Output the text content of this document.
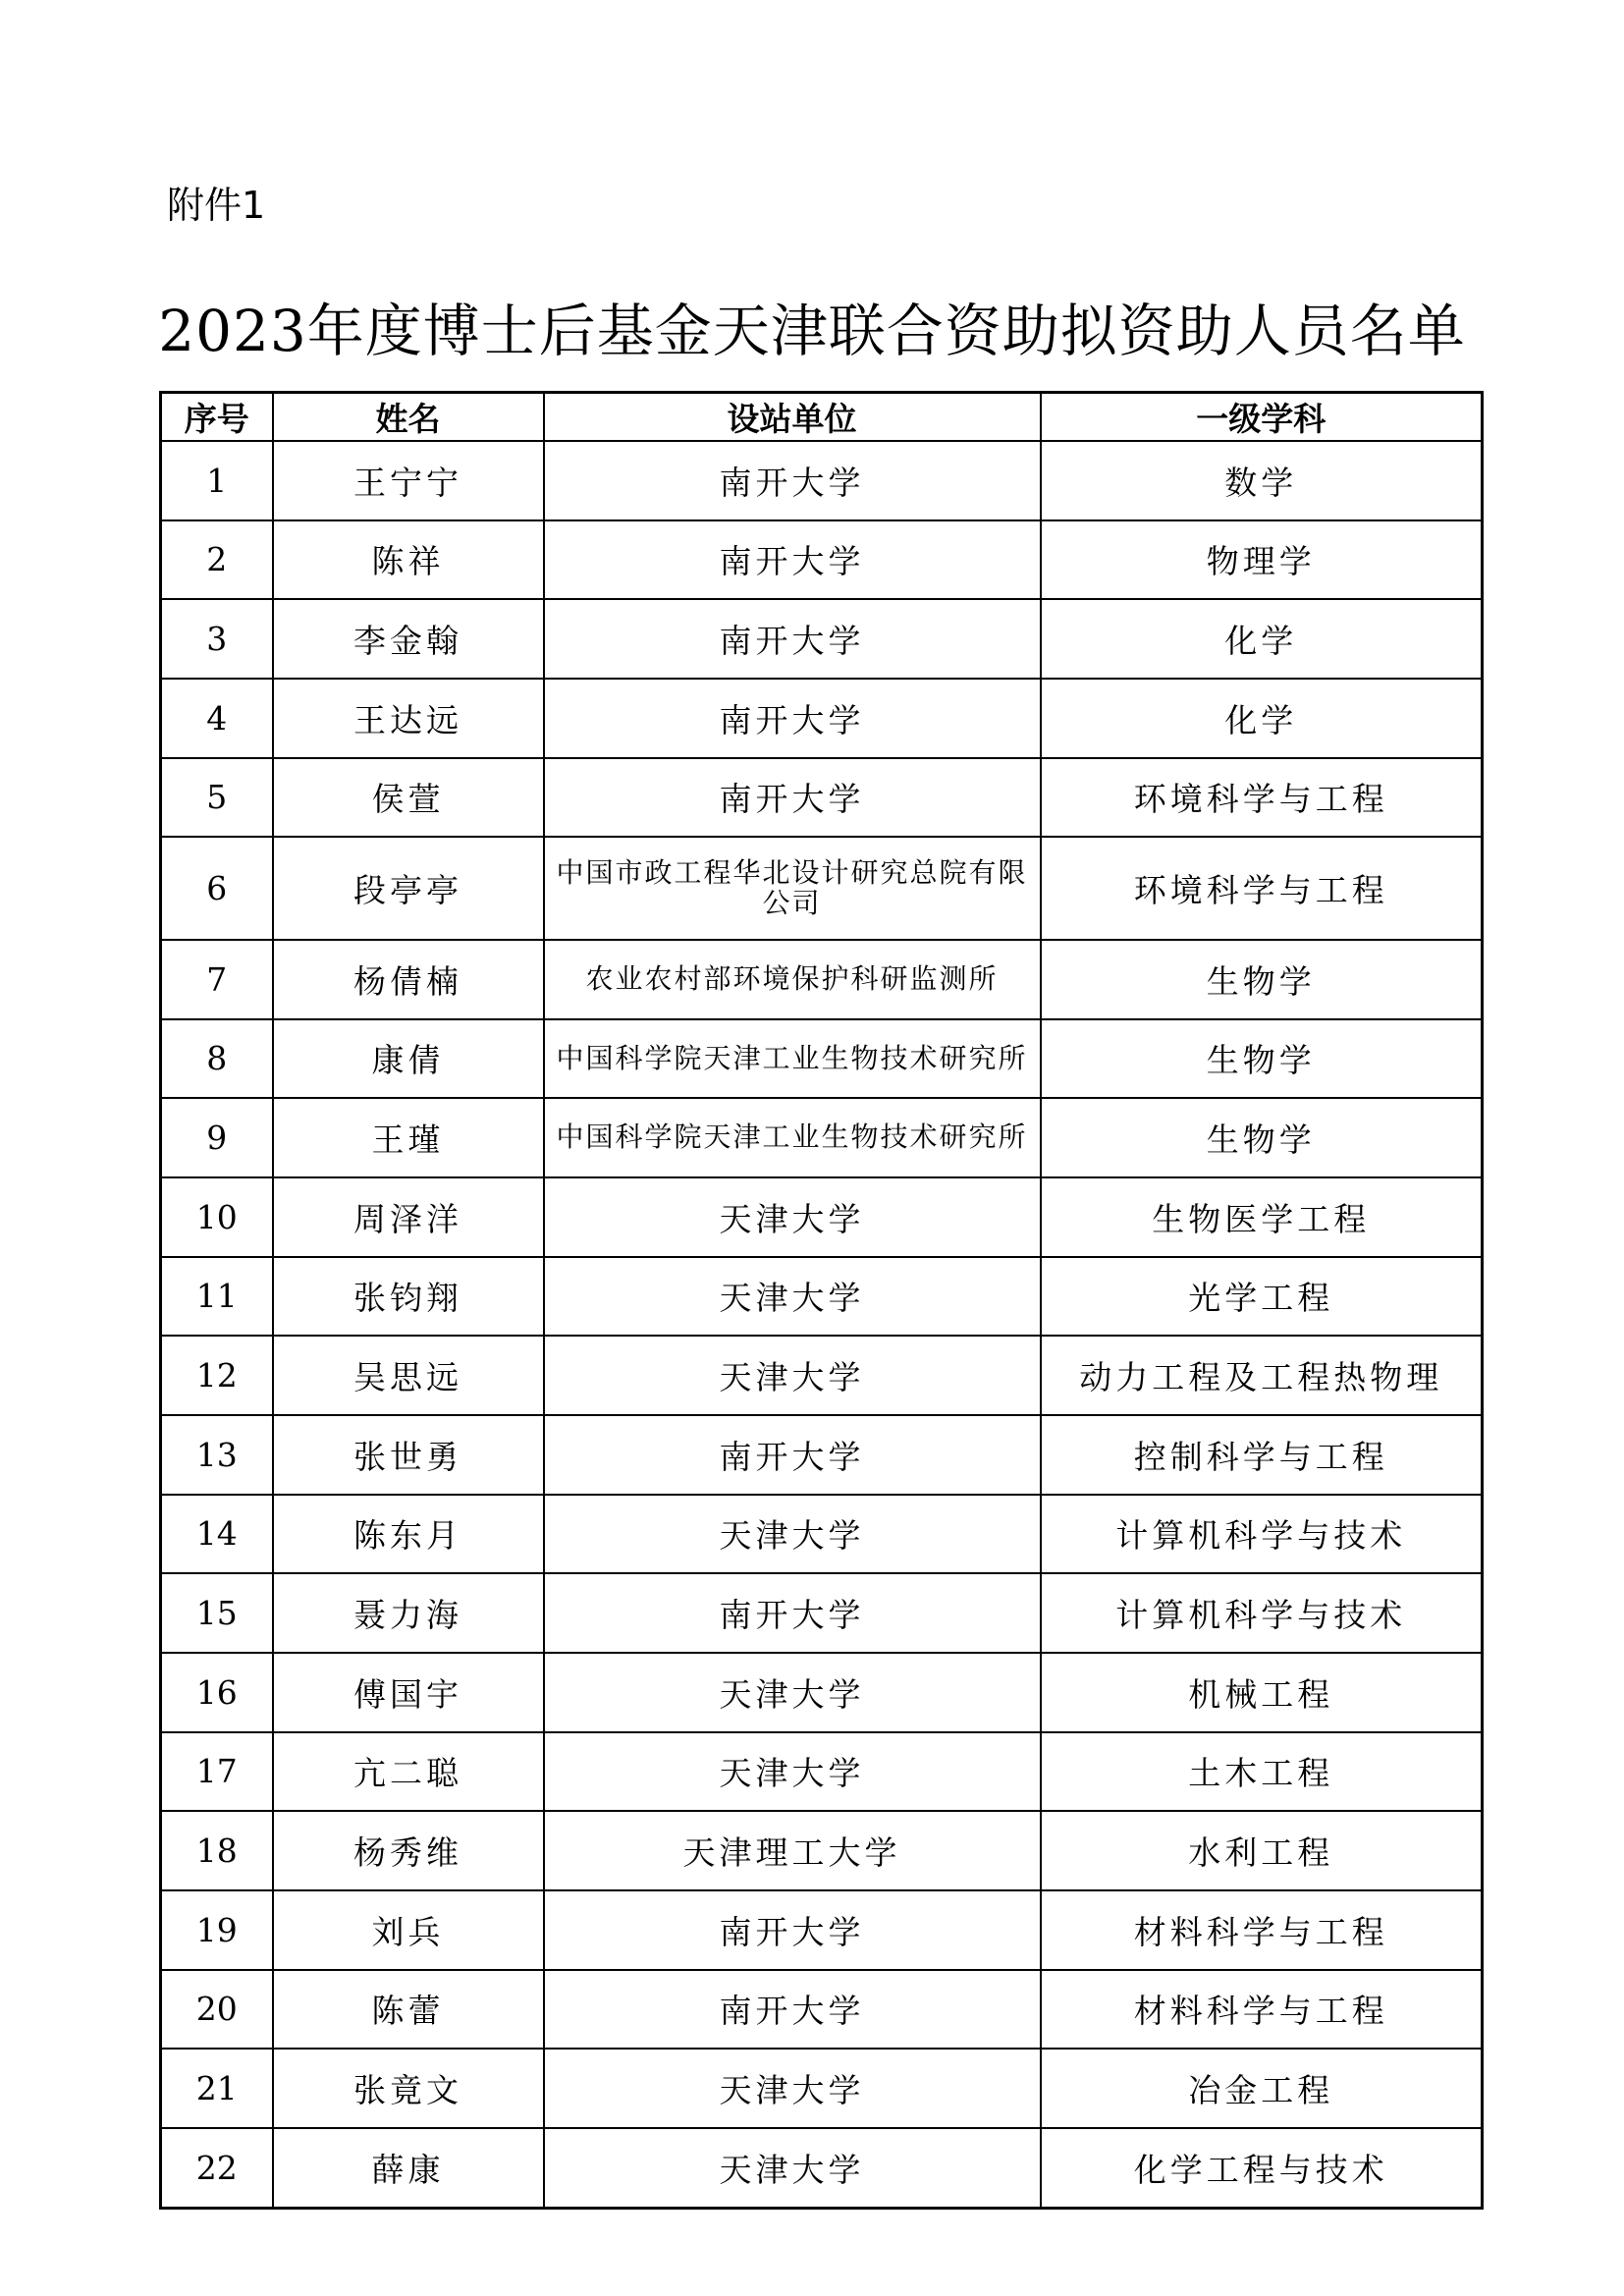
附件1
2023年度博士后基金天津联合资助拟资助人员名单
序号	姓名	设站单位	一级学科
1	王宁宁	南开大学	数学
2	陈祥	南开大学	物理学
3	李金翰	南开大学	化学
4	王达远	南开大学	化学
5	侯萱	南开大学	环境科学与工程
6	段亭亭	中国市政工程华北设计研究总院有限公司	环境科学与工程
7	杨倩楠	农业农村部环境保护科研监测所	生物学
8	康倩	中国科学院天津工业生物技术研究所	生物学
9	王瑾	中国科学院天津工业生物技术研究所	生物学
10	周泽洋	天津大学	生物医学工程
11	张钧翔	天津大学	光学工程
12	吴思远	天津大学	动力工程及工程热物理
13	张世勇	南开大学	控制科学与工程
14	陈东月	天津大学	计算机科学与技术
15	聂力海	南开大学	计算机科学与技术
16	傅国宇	天津大学	机械工程
17	亢二聪	天津大学	土木工程
18	杨秀维	天津理工大学	水利工程
19	刘兵	南开大学	材料科学与工程
20	陈蕾	南开大学	材料科学与工程
21	张竟文	天津大学	冶金工程
22	薛康	天津大学	化学工程与技术
